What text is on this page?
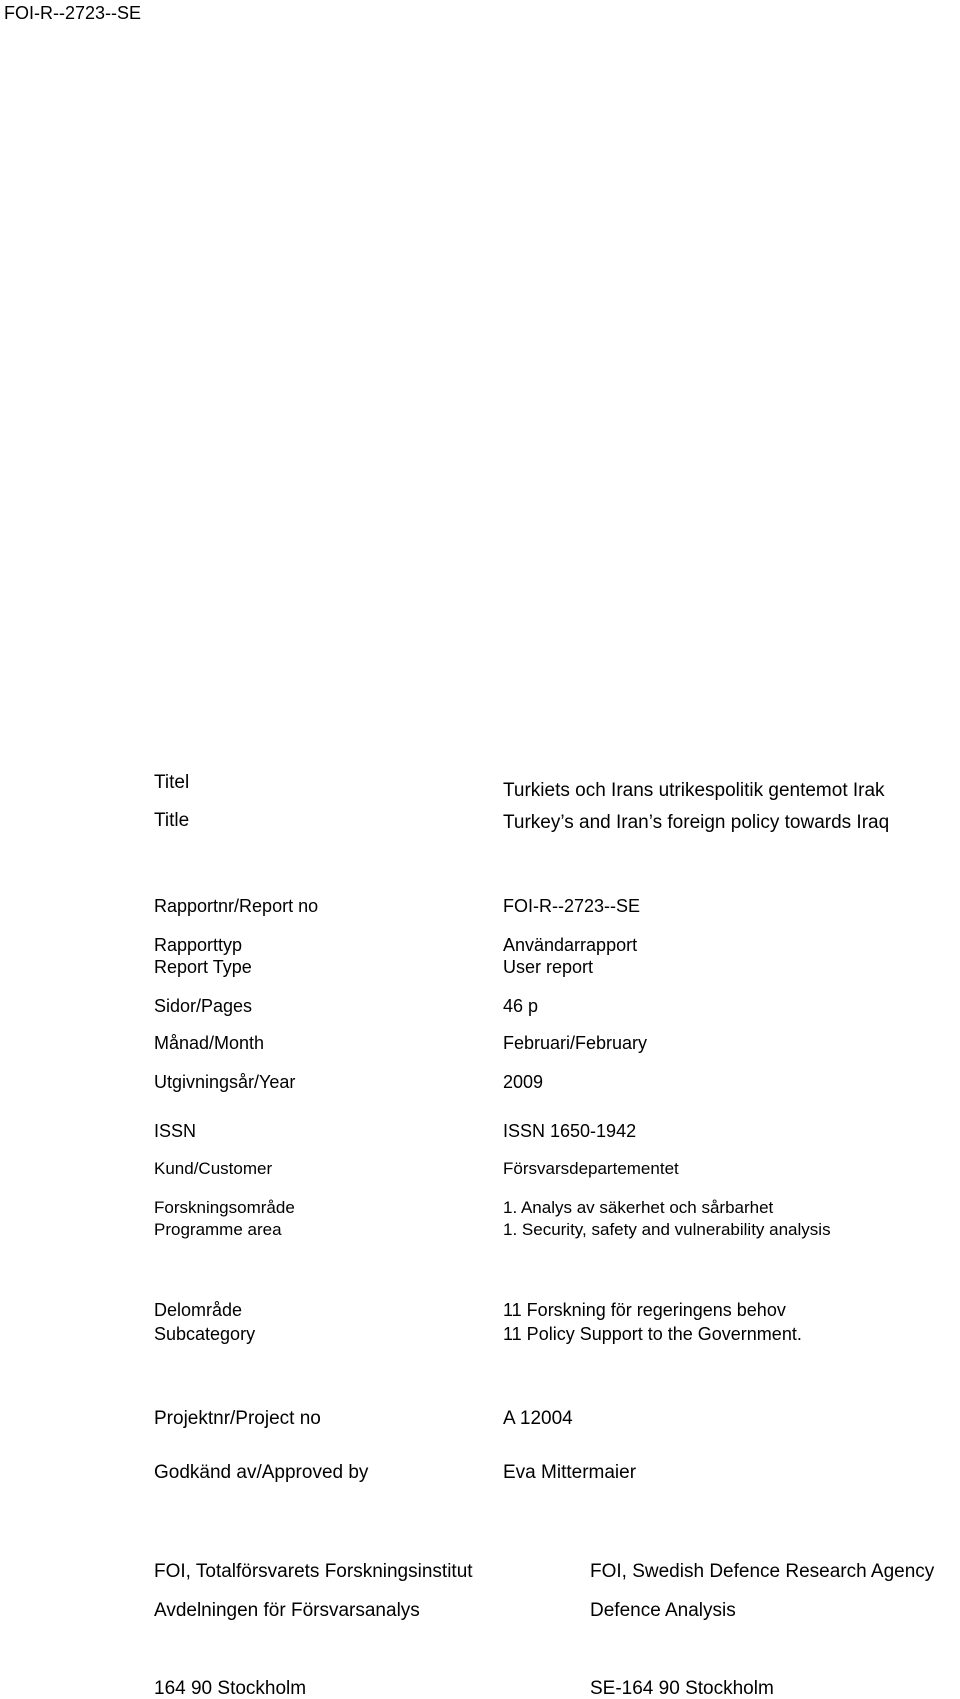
FOI-R--2723--SE
Titel	Turkiets och Irans utrikespolitik gentemot Irak
Title	Turkey’s and Iran’s foreign policy towards Iraq
Rapportnr/Report no	FOI-R--2723--SE
Rapporttyp	Användarrapport
Report Type	User report
Sidor/Pages	46 p
Månad/Month	Februari/February
Utgivningsår/Year	2009
ISSN	ISSN 1650-1942
Kund/Customer	Försvarsdepartementet
Forskningsområde	1. Analys av säkerhet och sårbarhet
Programme area	1. Security, safety and vulnerability analysis
Delområde	11 Forskning för regeringens behov
Subcategory	11 Policy Support to the Government.
Projektnr/Project no	A 12004
Godkänd av/Approved by	Eva Mittermaier
FOI, Totalförsvarets Forskningsinstitut	FOI, Swedish Defence Research Agency
Avdelningen för Försvarsanalys	Defence Analysis
164 90 Stockholm	SE-164 90 Stockholm
